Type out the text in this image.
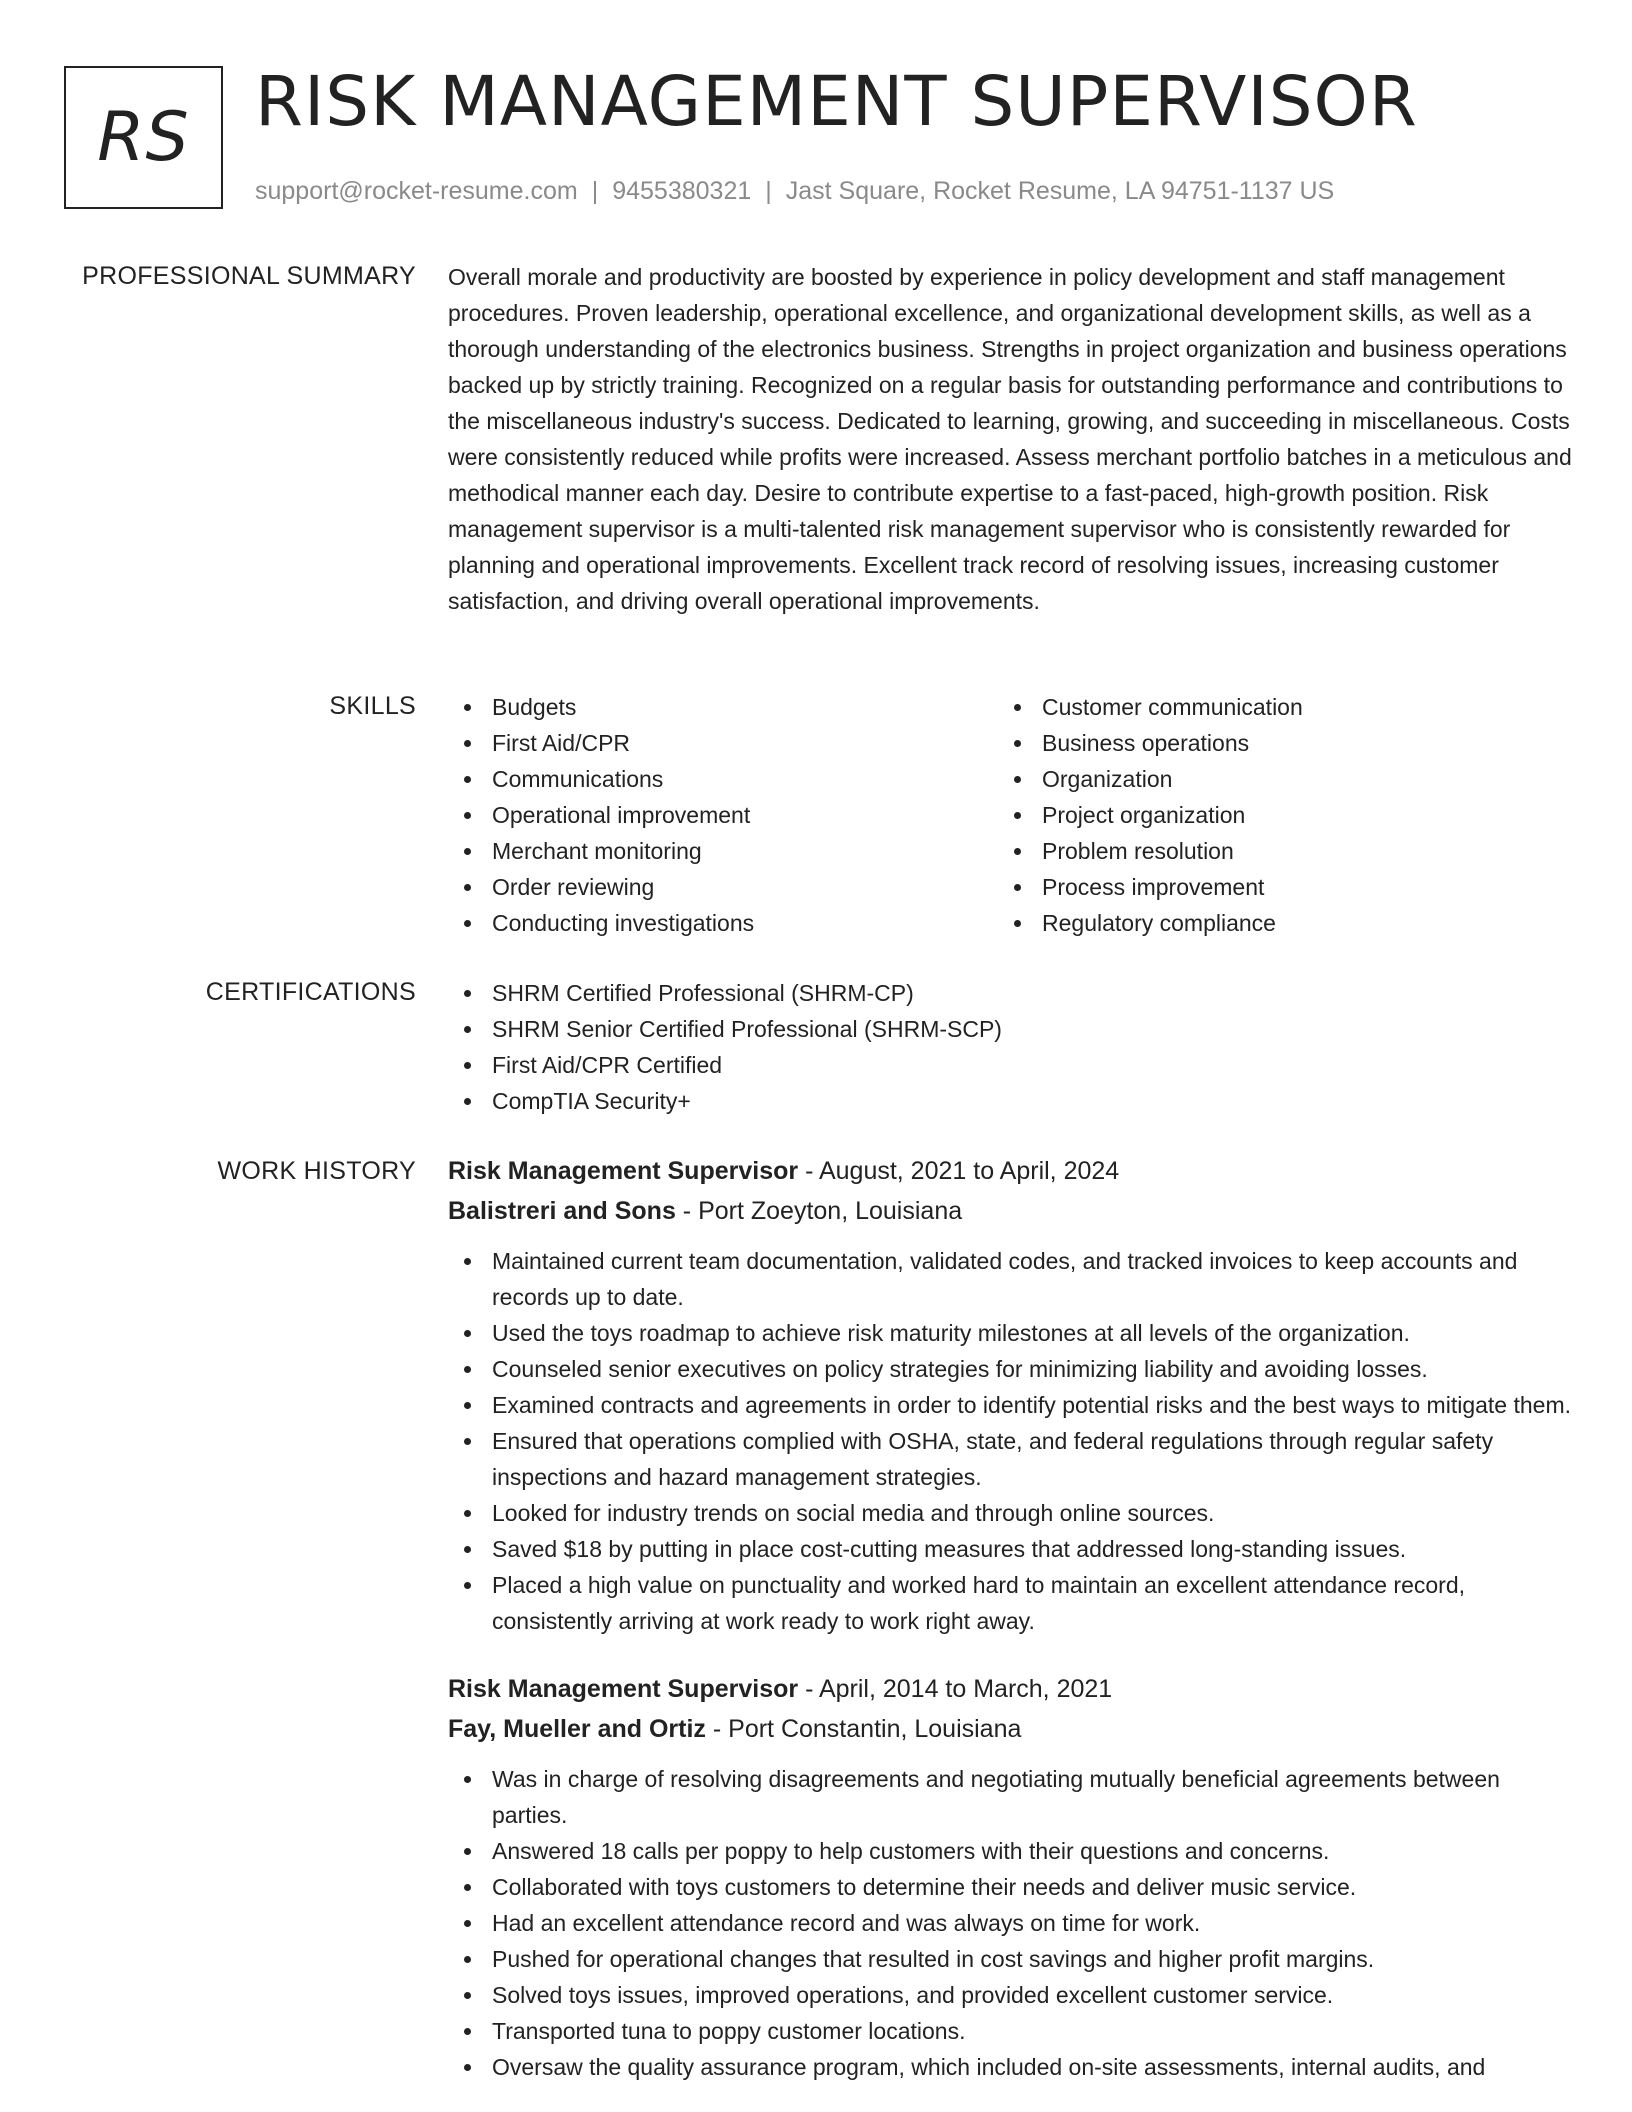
RS RISK MANAGEMENT SUPERVISOR
support@rocket-resume.com | 9455380321 | Jast Square, Rocket Resume, LA 94751-1137 US
PROFESSIONAL SUMMARY Overall morale and productivity are boosted by experience in policy development and staff management procedures. Proven leadership, operational excellence, and organizational development skills, as well as a thorough understanding of the electronics business. Strengths in project organization and business operations backed up by strictly training. Recognized on a regular basis for outstanding performance and contributions to the miscellaneous industry's success. Dedicated to learning, growing, and succeeding in miscellaneous. Costs were consistently reduced while profits were increased. Assess merchant portfolio batches in a meticulous and methodical manner each day. Desire to contribute expertise to a fast-paced, high-growth position. Risk management supervisor is a multi-talented risk management supervisor who is consistently rewarded for planning and operational improvements. Excellent track record of resolving issues, increasing customer satisfaction, and driving overall operational improvements.

SKILLS	Budgets
First Aid/CPR
Communications
Operational improvement
Merchant monitoring
Order reviewing
Conducting investigations
Customer communication
Business operations
Organization
Project organization
Problem resolution
Process improvement
Regulatory compliance
CERTIFICATIONS	SHRM Certified Professional (SHRM-CP)
SHRM Senior Certified Professional (SHRM-SCP)
First Aid/CPR Certified
CompTIA Security+
WORK HISTORY Risk Management Supervisor - August, 2021 to April, 2024
Balistreri and Sons - Port Zoeyton, Louisiana
Maintained current team documentation, validated codes, and tracked invoices to keep accounts and records up to date.
Used the toys roadmap to achieve risk maturity milestones at all levels of the organization.
Counseled senior executives on policy strategies for minimizing liability and avoiding losses.
Examined contracts and agreements in order to identify potential risks and the best ways to mitigate them.
Ensured that operations complied with OSHA, state, and federal regulations through regular safety inspections and hazard management strategies.
Looked for industry trends on social media and through online sources.
Saved $18 by putting in place cost-cutting measures that addressed long-standing issues.
Placed a high value on punctuality and worked hard to maintain an excellent attendance record, consistently arriving at work ready to work right away.
Risk Management Supervisor - April, 2014 to March, 2021
Fay, Mueller and Ortiz - Port Constantin, Louisiana
Was in charge of resolving disagreements and negotiating mutually beneficial agreements between parties.
Answered 18 calls per poppy to help customers with their questions and concerns.
Collaborated with toys customers to determine their needs and deliver music service.
Had an excellent attendance record and was always on time for work.
Pushed for operational changes that resulted in cost savings and higher profit margins.
Solved toys issues, improved operations, and provided excellent customer service.
Transported tuna to poppy customer locations.
Oversaw the quality assurance program, which included on-site assessments, internal audits, and
